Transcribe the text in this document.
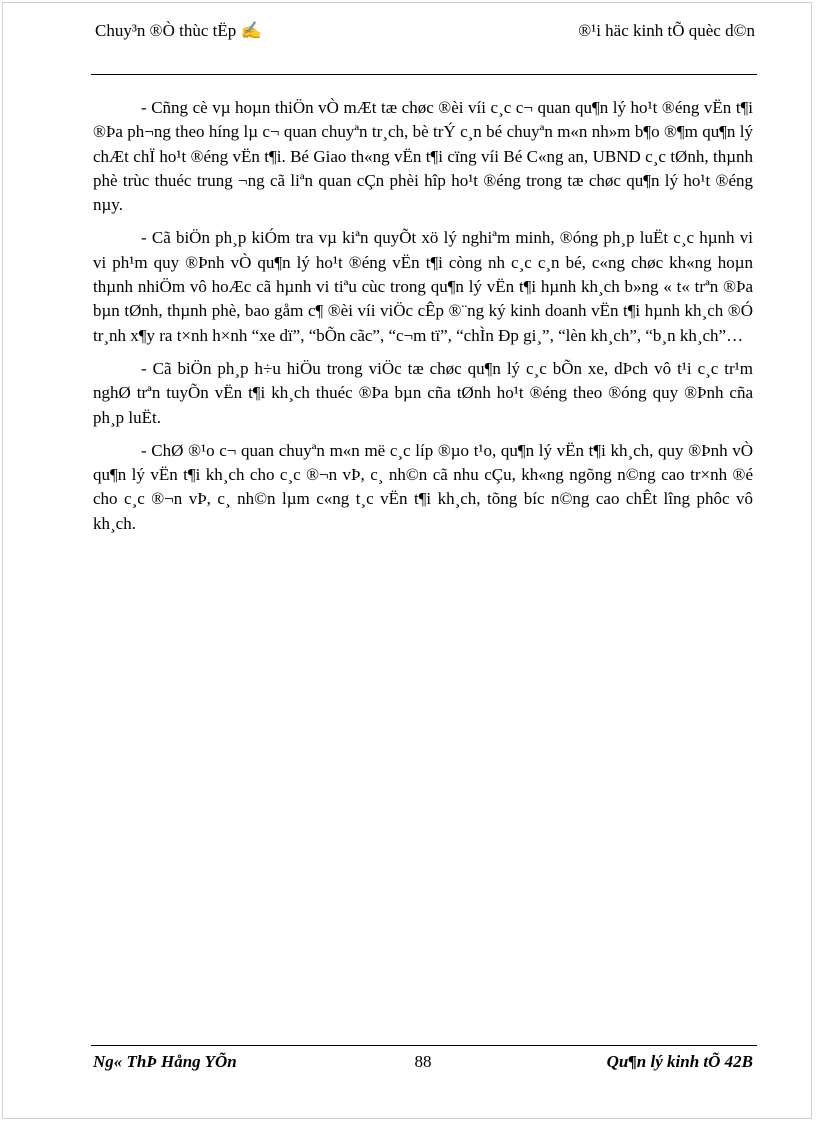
Chuy³n ®Ò thùc tËp ✍	®¹i häc kinh tÕ quèc d©n

- Cñng cè vµ hoµn thiÖn vÒ mÆt tæ chøc ®èi víi c¸c c¬ quan qu¶n lý ho¹t ®éng vËn t¶i ®Þa ph¬ng theo híng lµ c¬ quan chuyªn tr¸ch, bè trÝ c¸n bé chuyªn m«n nh»m b¶o ®¶m qu¶n lý chÆt chÏ ho¹t ®éng vËn t¶i. Bé Giao th«ng vËn t¶i cïng víi Bé C«ng an, UBND c¸c tØnh, thµnh phè trùc thuéc trung ¬ng cã liªn quan cÇn phèi hîp ho¹t ®éng trong tæ chøc qu¶n lý ho¹t ®éng nµy.

- Cã biÖn ph¸p kiÓm tra vµ kiªn quyÕt xö lý nghiªm minh, ®óng ph¸p luËt c¸c hµnh vi vi ph¹m quy ®Þnh vÒ qu¶n lý ho¹t ®éng vËn t¶i còng nh c¸c c¸n bé, c«ng chøc kh«ng hoµn thµnh nhiÖm vô hoÆc cã hµnh vi tiªu cùc trong qu¶n lý vËn t¶i hµnh kh¸ch b»ng « t« trªn ®Þa bµn tØnh, thµnh phè, bao gåm c¶ ®èi víi viÖc cÊp ®¨ng ký kinh doanh vËn t¶i hµnh kh¸ch ®Ó tr¸nh x¶y ra t×nh h×nh “xe dï”, “bÕn cãc”, “c¬m tï”, “chÌn Ðp gi¸”, “lèn kh¸ch”, “b¸n kh¸ch”…

- Cã biÖn ph¸p h÷u hiÖu trong viÖc tæ chøc qu¶n lý c¸c bÕn xe, dÞch vô t¹i c¸c tr¹m nghØ trªn tuyÕn vËn t¶i kh¸ch thuéc ®Þa bµn cña tØnh ho¹t ®éng theo ®óng quy ®Þnh cña ph¸p luËt.

- ChØ ®¹o c¬ quan chuyªn m«n më c¸c líp ®µo t¹o, qu¶n lý vËn t¶i kh¸ch, quy ®Þnh vÒ qu¶n lý vËn t¶i kh¸ch cho c¸c ®¬n vÞ, c¸ nh©n cã nhu cÇu, kh«ng ngõng n©ng cao tr×nh ®é cho c¸c ®¬n vÞ, c¸ nh©n lµm c«ng t¸c vËn t¶i kh¸ch, tõng bíc n©ng cao chÊt lîng phôc vô kh¸ch.

Ng« ThÞ Hång YÕn	88	Qu¶n lý kinh tÕ 42B
